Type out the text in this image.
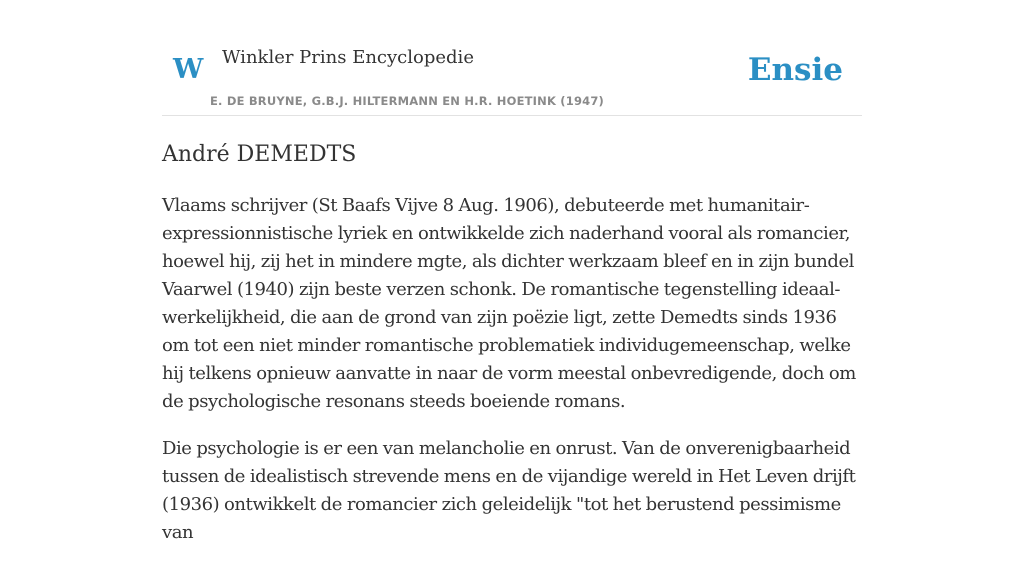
W Winkler Prins Encyclopedie
E. DE BRUYNE, G.B.J. HILTERMANN EN H.R. HOETINK (1947)
Ensie
André DEMEDTS

Vlaams schrijver (St Baafs Vijve 8 Aug. 1906), debuteerde met humanitair-expressionnistische lyriek en ontwikkelde zich naderhand vooral als romancier, hoewel hij, zij het in mindere mgte, als dichter werkzaam bleef en in zijn bundel Vaarwel (1940) zijn beste verzen schonk. De romantische tegenstelling ideaal-werkelijkheid, die aan de grond van zijn poëzie ligt, zette Demedts sinds 1936 om tot een niet minder romantische problematiek individugemeenschap, welke hij telkens opnieuw aanvatte in naar de vorm meestal onbevredigende, doch om de psychologische resonans steeds boeiende romans.

Die psychologie is er een van melancholie en onrust. Van de onverenigbaarheid tussen de idealistisch strevende mens en de vijandige wereld in Het Leven drijft (1936) ontwikkelt de romancier zich geleidelijk "tot het berustend pessimisme van
